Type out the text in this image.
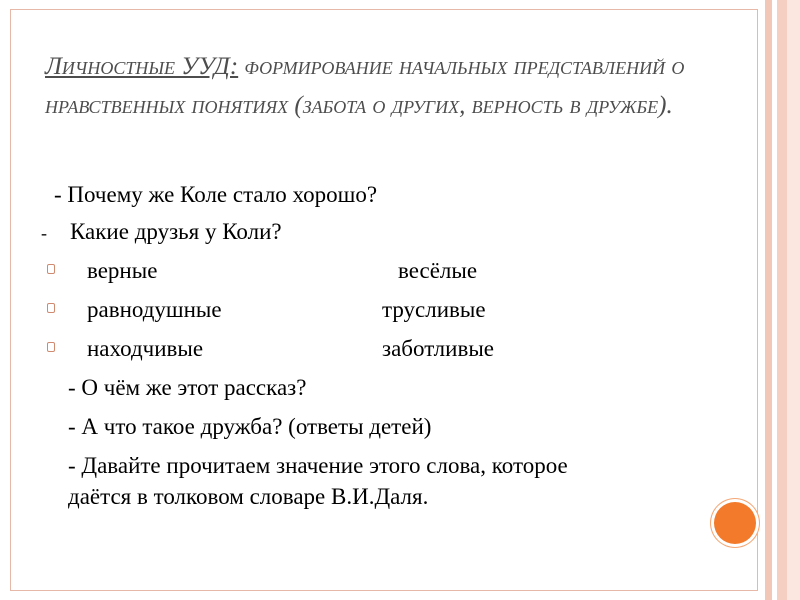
Личностные УУД: формирование начальных представлений о нравственных понятиях (забота о других, верность в дружбе).
- Почему же Коле стало хорошо?
- Какие друзья у Коли?
верные	весёлые
равнодушные	трусливые
находчивые	заботливые
- О чём же этот рассказ?
- А что такое дружба? (ответы детей)
- Давайте прочитаем значение этого слова, которое
даётся в толковом словаре В.И.Даля.
